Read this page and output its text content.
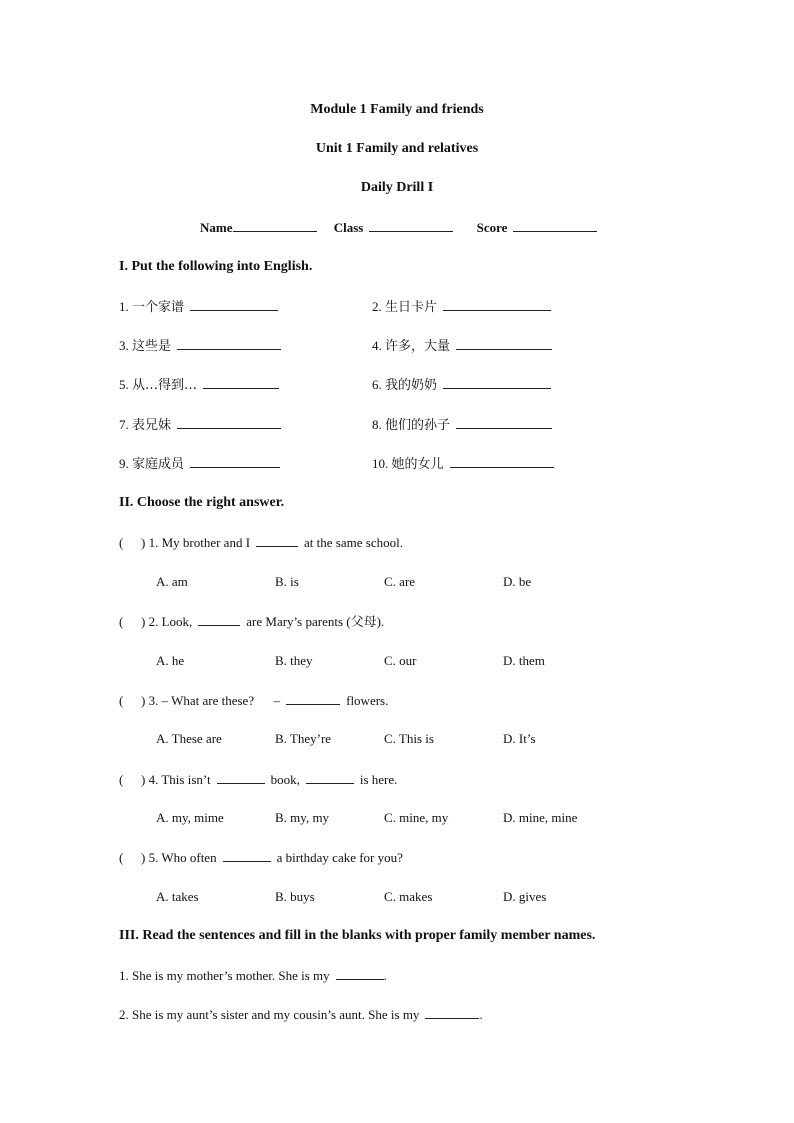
Module 1 Family and friends
Unit 1 Family and relatives
Daily Drill I
Name	Class	Score
I. Put the following into English.
1. 一个家谱	2. 生日卡片
3. 这些是	4. 许多，大量
5. 从…得到…	6. 我的奶奶
7. 表兄妹	8. 他们的孙子
9. 家庭成员	10. 她的女儿
II. Choose the right answer.
( ) 1. My brother and I	at the same school.
A. am	B. is	C. are	D. be
( ) 2. Look,	are Mary’s parents (父母).
A. he	B. they	C. our	D. them
( ) 3. – What are these?      –	flowers.
A. These are	B. They’re	C. This is	D. It’s
( ) 4. This isn’t	book,	is here.
A. my, mime	B. my, my	C. mine, my	D. mine, mine
( ) 5. Who often	a birthday cake for you?
A. takes	B. buys	C. makes	D. gives
III. Read the sentences and fill in the blanks with proper family member names.
1. She is my mother’s mother. She is my	.
2. She is my aunt’s sister and my cousin’s aunt. She is my	.
